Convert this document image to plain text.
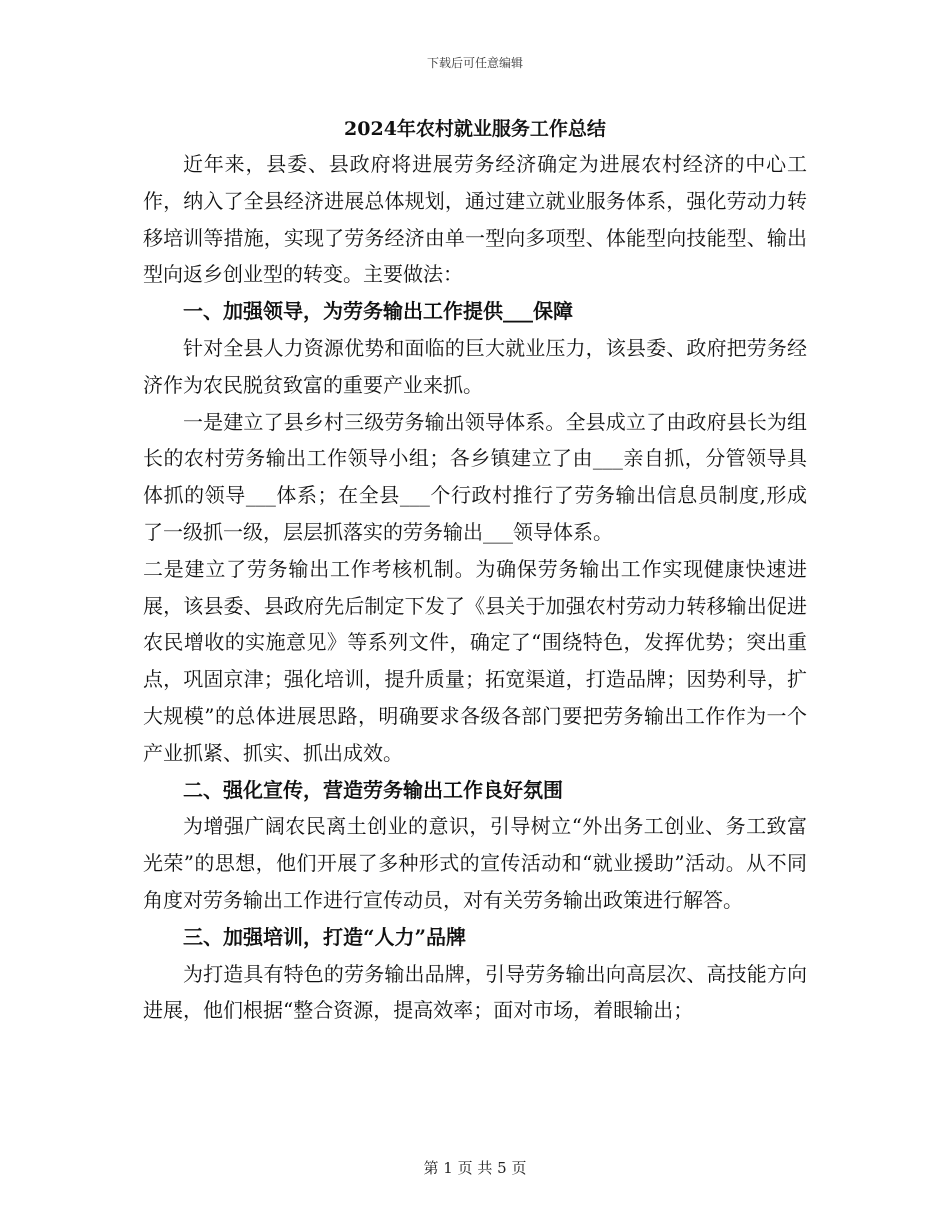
下载后可任意编辑
2024年农村就业服务工作总结

近年来，县委、县政府将进展劳务经济确定为进展农村经济的中心工作，纳入了全县经济进展总体规划，通过建立就业服务体系，强化劳动力转移培训等措施，实现了劳务经济由单一型向多项型、体能型向技能型、输出型向返乡创业型的转变。主要做法：

一、加强领导，为劳务输出工作提供___保障

针对全县人力资源优势和面临的巨大就业压力，该县委、政府把劳务经济作为农民脱贫致富的重要产业来抓。

一是建立了县乡村三级劳务输出领导体系。全县成立了由政府县长为组长的农村劳务输出工作领导小组；各乡镇建立了由___亲自抓，分管领导具体抓的领导___体系；在全县___个行政村推行了劳务输出信息员制度,形成了一级抓一级，层层抓落实的劳务输出___领导体系。

二是建立了劳务输出工作考核机制。为确保劳务输出工作实现健康快速进展，该县委、县政府先后制定下发了《县关于加强农村劳动力转移输出促进农民增收的实施意见》等系列文件，确定了“围绕特色，发挥优势；突出重点，巩固京津；强化培训，提升质量；拓宽渠道，打造品牌；因势利导，扩大规模”的总体进展思路，明确要求各级各部门要把劳务输出工作作为一个产业抓紧、抓实、抓出成效。

二、强化宣传，营造劳务输出工作良好氛围

为增强广阔农民离土创业的意识，引导树立“外出务工创业、务工致富光荣”的思想，他们开展了多种形式的宣传活动和“就业援助”活动。从不同角度对劳务输出工作进行宣传动员，对有关劳务输出政策进行解答。

三、加强培训，打造“人力”品牌

为打造具有特色的劳务输出品牌，引导劳务输出向高层次、高技能方向进展，他们根据“整合资源，提高效率；面对市场，着眼输出；

第 1 页 共 5 页
